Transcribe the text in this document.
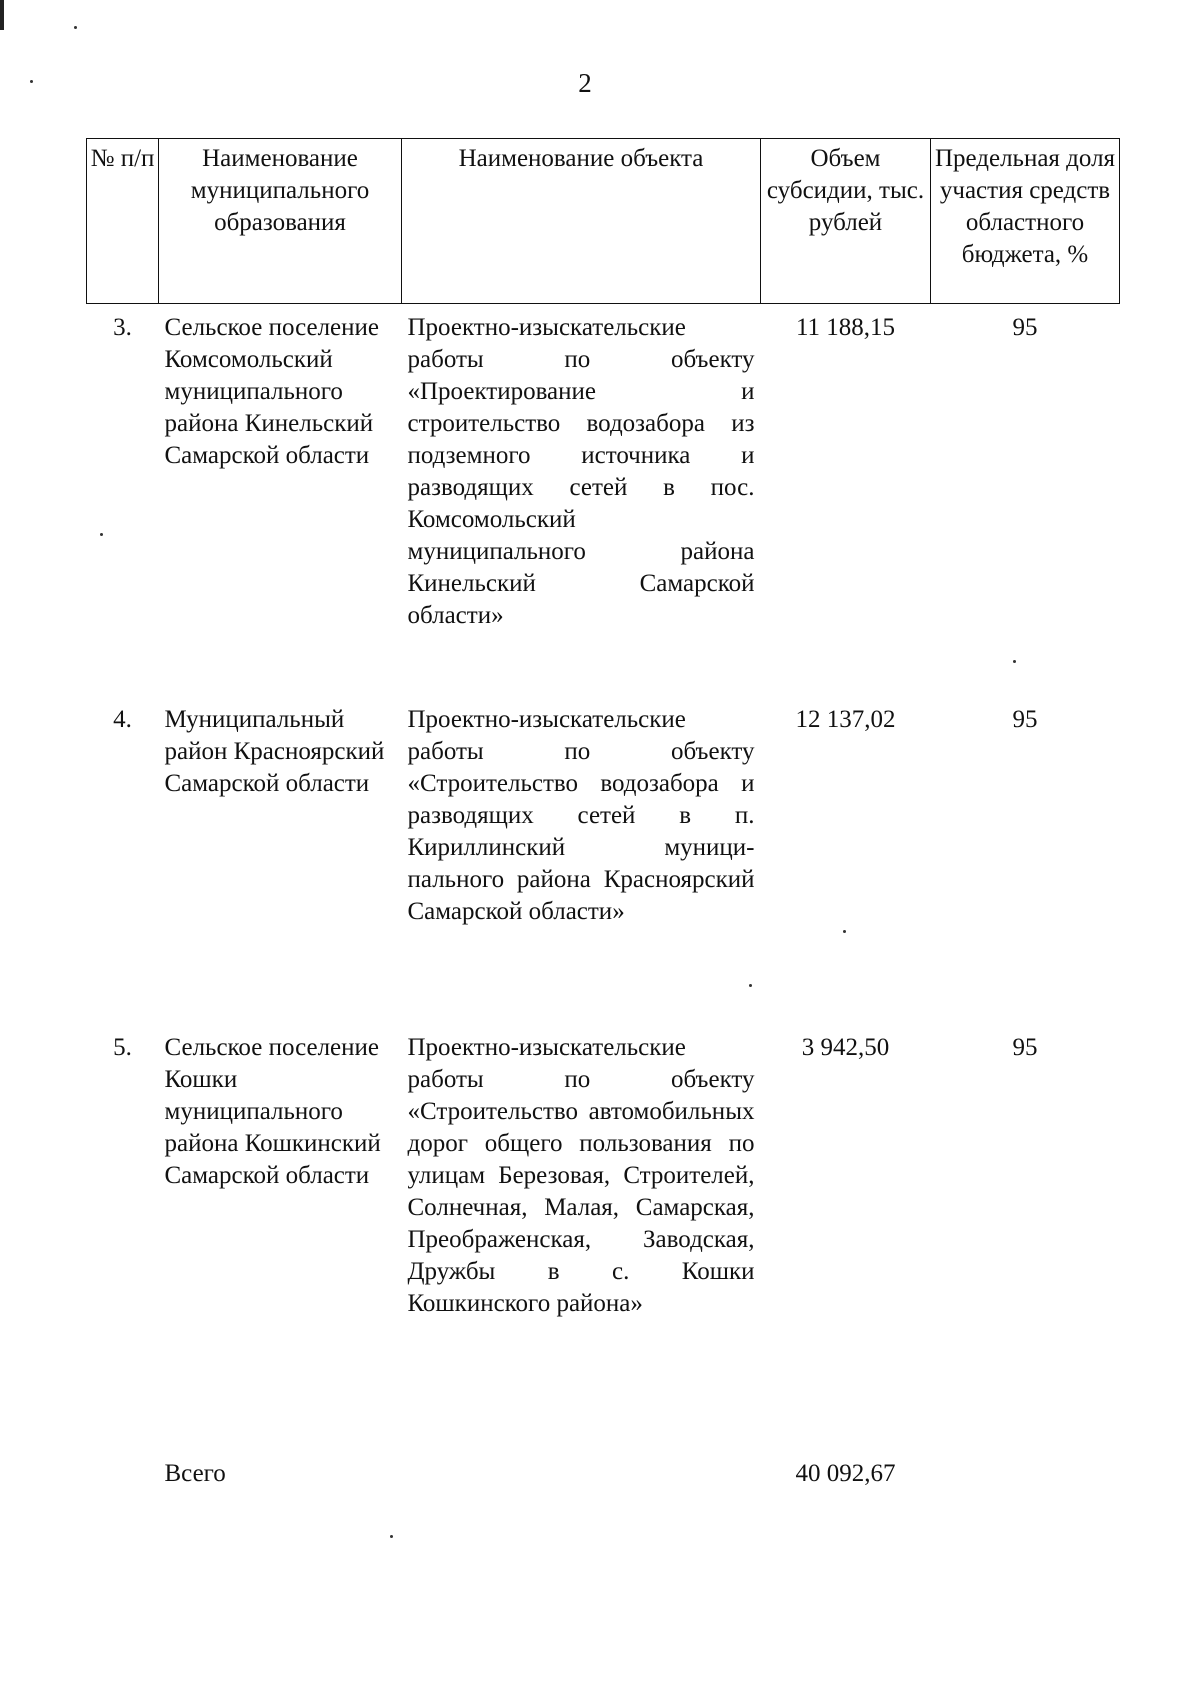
2
№ п/п	Наименование муниципального образования	Наименование объекта	Объем субсидии, тыс. рублей	Предельная доля участия средств областного бюджета, %
3.	Сельское поселение Комсомольский муниципального района Кинельский Самарской области	Проектно-изыскательские работы по объекту «Проектирование и строительство водозабора из подземного источника и разводящих сетей в пос. Комсомольский муниципального района Кинельский Самарской области»	11 188,15	95
4.	Муниципальный район Красноярский Самарской области	Проектно-изыскательские работы по объекту «Строительство водозабора и разводящих сетей в п. Кириллинский муници-пального района Красноярский Самарской области»	12 137,02	95
5.	Сельское поселение Кошки муниципального района Кошкинский Самарской области	Проектно-изыскательские работы по объекту «Строительство автомобильных дорог общего пользования по улицам Березовая, Строителей, Солнечная, Малая, Самарская, Преображенская, Заводская, Дружбы в с. Кошки Кошкинского района»	3 942,50	95
	Всего		40 092,67	
